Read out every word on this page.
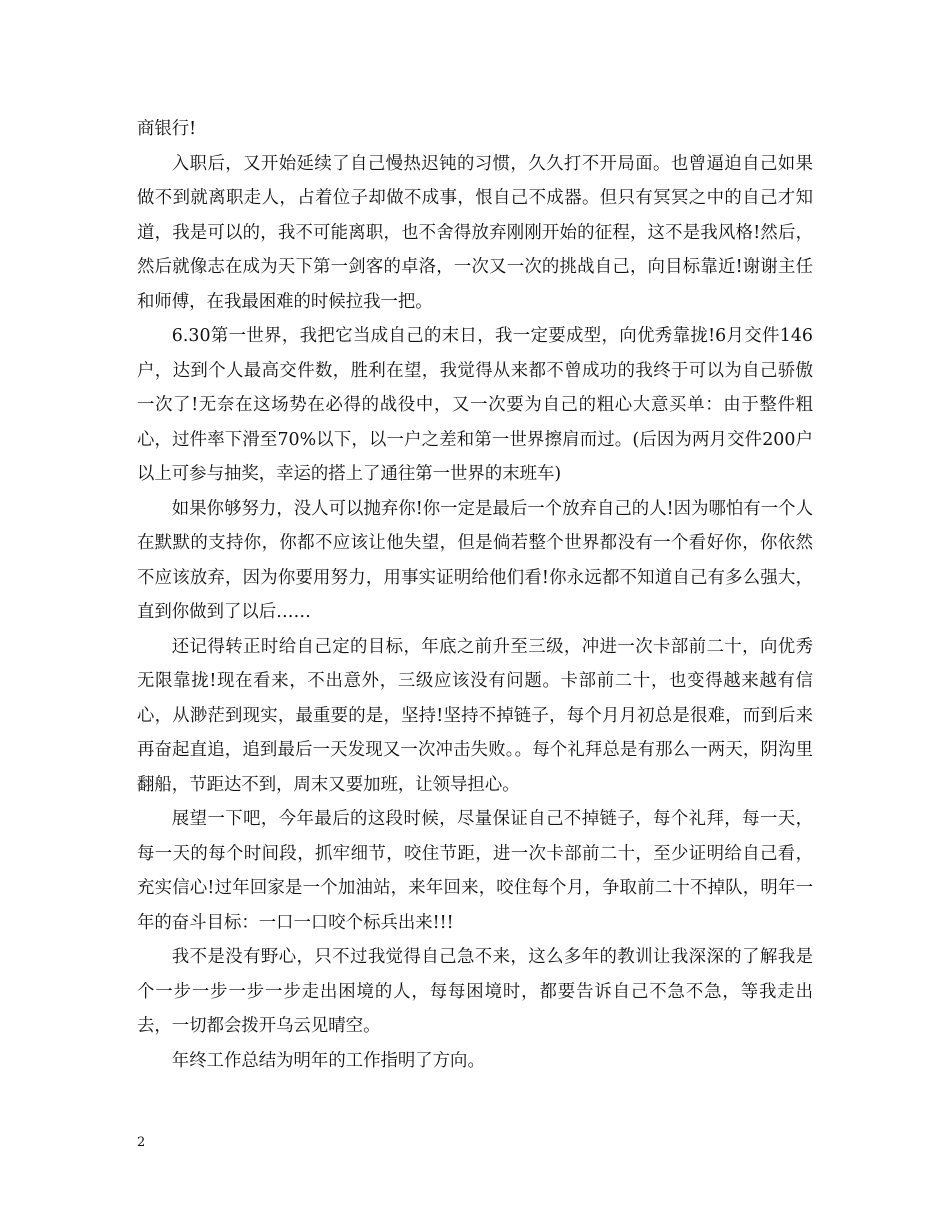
商银行!

入职后，又开始延续了自己慢热迟钝的习惯，久久打不开局面。也曾逼迫自己如果做不到就离职走人，占着位子却做不成事，恨自己不成器。但只有冥冥之中的自己才知道，我是可以的，我不可能离职，也不舍得放弃刚刚开始的征程，这不是我风格!然后，然后就像志在成为天下第一剑客的卓洛，一次又一次的挑战自己，向目标靠近!谢谢主任和师傅，在我最困难的时候拉我一把。

6.30第一世界，我把它当成自己的末日，我一定要成型，向优秀靠拢!6月交件146户，达到个人最高交件数，胜利在望，我觉得从来都不曾成功的我终于可以为自己骄傲一次了!无奈在这场势在必得的战役中，又一次要为自己的粗心大意买单：由于整件粗心，过件率下滑至70%以下，以一户之差和第一世界擦肩而过。(后因为两月交件200户以上可参与抽奖，幸运的搭上了通往第一世界的末班车)

如果你够努力，没人可以抛弃你!你一定是最后一个放弃自己的人!因为哪怕有一个人在默默的支持你，你都不应该让他失望，但是倘若整个世界都没有一个看好你，你依然不应该放弃，因为你要用努力，用事实证明给他们看!你永远都不知道自己有多么强大，直到你做到了以后……

还记得转正时给自己定的目标，年底之前升至三级，冲进一次卡部前二十，向优秀无限靠拢!现在看来，不出意外，三级应该没有问题。卡部前二十，也变得越来越有信心，从渺茫到现实，最重要的是，坚持!坚持不掉链子，每个月月初总是很难，而到后来再奋起直追，追到最后一天发现又一次冲击失败。。每个礼拜总是有那么一两天，阴沟里翻船，节距达不到，周末又要加班，让领导担心。

展望一下吧，今年最后的这段时候，尽量保证自己不掉链子，每个礼拜，每一天，每一天的每个时间段，抓牢细节，咬住节距，进一次卡部前二十，至少证明给自己看，充实信心!过年回家是一个加油站，来年回来，咬住每个月，争取前二十不掉队，明年一年的奋斗目标：一口一口咬个标兵出来!!!

我不是没有野心，只不过我觉得自己急不来，这么多年的教训让我深深的了解我是个一步一步一步一步走出困境的人，每每困境时，都要告诉自己不急不急，等我走出去，一切都会拨开乌云见晴空。

年终工作总结为明年的工作指明了方向。

2
